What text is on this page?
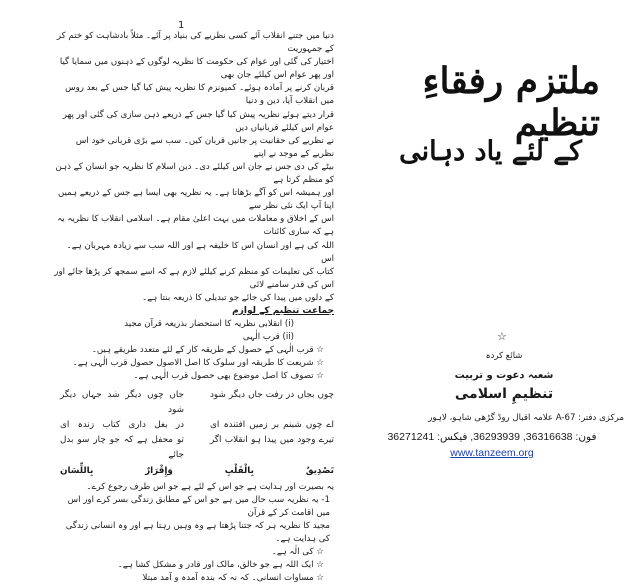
1

دنیا میں جتنے انقلاب آئے کسی نظریے کی بنیاد پر آئے۔ مثلاً بادشاہت کو ختم کر کے جمہوریت

اختیار کی گئی اور عوام کی حکومت کا نظریہ لوگوں کے ذہنوں میں سمایا گیا اور پھر عوام اس کیلئے جان بھی

قربان کرنے پر آمادہ ہوئے۔ کمیونزم کا نظریہ پیش کیا گیا جس کے بعد روس میں انقلاب آیا، دین و دنیا

قرار دیتے ہوئے نظریہ پیش کیا گیا جس کے ذریعے ذہن سازی کی گئی اور پھر عوام اس کیلئے قربانیاں دیں

نے نظریے کی حقانیت پر جانیں قربان کیں۔ سب سے بڑی قربانی خود اس نظریے کے موجد نے اپنے

بیٹے کی دی جس نے جان اس کیلئے دی۔ دین اسلام کا نظریہ جو انسان کے ذہن کو منظم کرتا ہے

اور ہمیشہ اس کو آگے بڑھاتا ہے۔ یہ نظریہ بھی ایسا ہے جس کے ذریعے ہمیں اپنا آپ ایک نئی نظر سے

اس کے اخلاق و معاملات میں بہت اعلیٰ مقام ہے۔ اسلامی انقلاب کا نظریہ یہ ہے کہ ساری کائنات

اللہ کی ہے اور انسان اس کا خلیفہ ہے اور اللہ سب سے زیادہ مہربان ہے۔ اس

کتاب کی تعلیمات کو منظم کرنے کیلئے لازم ہے کہ اسے سمجھ کر پڑھا جائے اور اس کی قدر سامنے لائی

کے دلوں میں پیدا کی جائے جو تبدیلی کا ذریعہ بنتا ہے۔

جماعت تنظیم کے لوازم

(i) انقلابی نظریہ کا استحضار بذریعہ قرآن مجید

(ii) قرب الٰہی

☆ قرب الٰہی کے حصول کے طریقہ کار کے لئے متعدد طریقے ہیں۔

☆ شریعت کا طریقہ اور سلوک کا اصل الاصول حصول قرب الٰہی ہے۔

☆ تصوف کا اصل موضوع بھی حصول قرب الٰہی ہے۔

چوں بجاں در رفت جاں دیگر شود
جاں چوں دیگر شد جہاں دیگر شود
اے چوں شبنم بر زمیں افتندہ ای
در بغل داری کتاب زندہ ای
تیرے وجود میں پیدا ہو انقلاب اگر
تو محفل ہے کہ جو چار سو بدل جائے
تَصْدِيقٌ بِالْقَلْبِ وَإِقْرَارٌ بِاللِّسَان

یہ بصیرت اور ہدایت ہے جو اس کے لئے ہے جو اس طرف رجوع کرے۔

1- یہ نظریہ سب حال میں ہے جو اس کے مطابق زندگی بسر کرے اور اس میں اقامت کر کے قرآن

مجید کا نظریہ ہر کہ جتنا پڑھتا ہے وہ وہیں رہتا ہے اور وہ انسانی زندگی کی ہدایت ہے۔

☆ کی الٰہ ہے۔

☆ ایک اللہ ہے جو خالق، مالک اور قادر و مشکل کشا ہے۔

☆ مساوات انسانی۔ کہ نہ کہ بندہ آمدہ و آمد مبتلا

ملتزم رفقاءِ تنظیم
کے لئے یاد دہانی
☆
شائع کردہ
شعبہ دعوت و تربیت
تنظیمِ اسلامی
مرکزی دفتر: A-67 علامہ اقبال روڈ گڑھی شاہو، لاہور
فون: 36316638, 36293939, فیکس: 36271241
www.tanzeem.org
